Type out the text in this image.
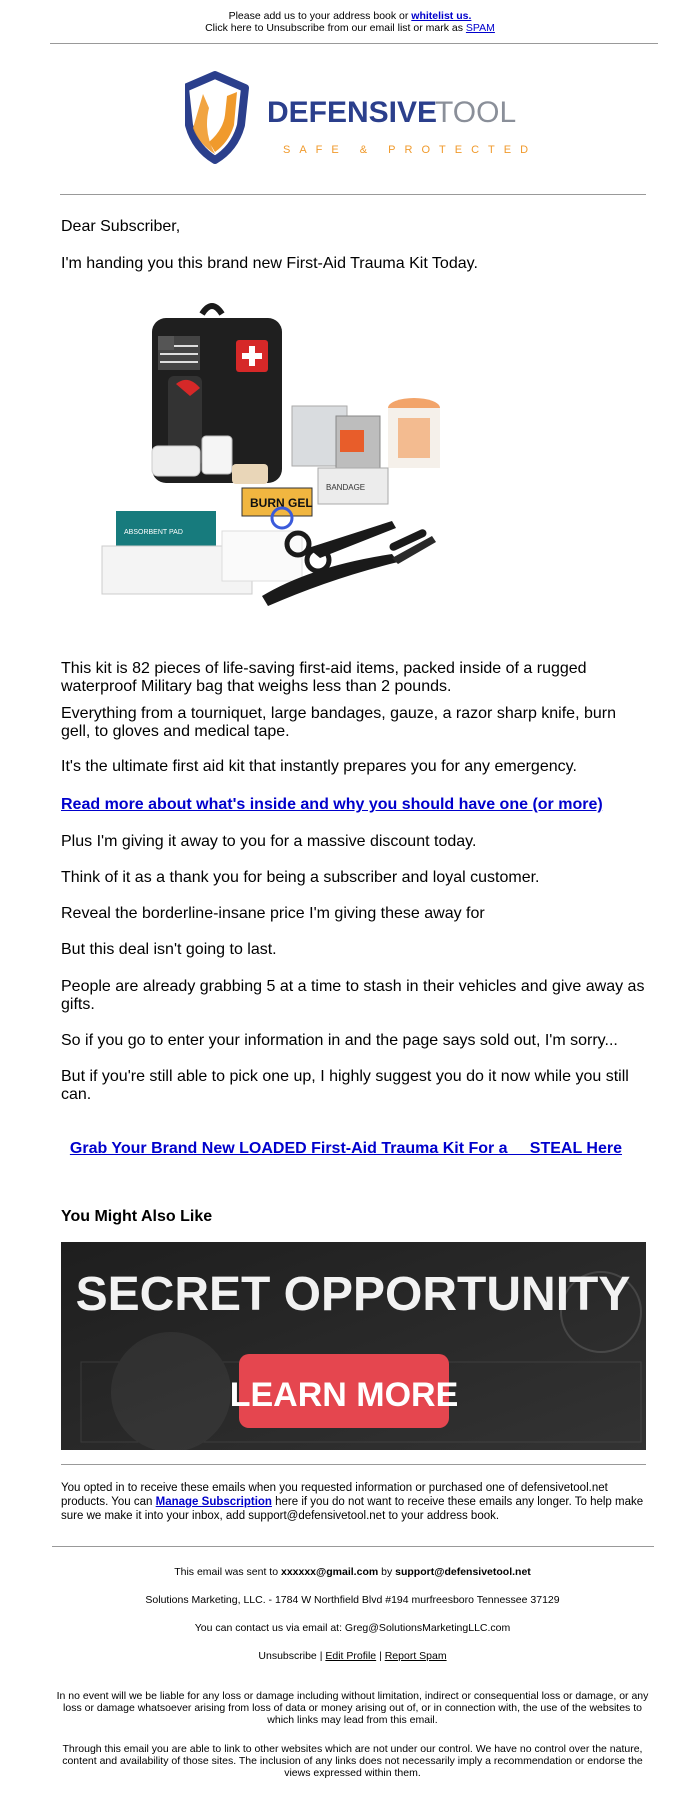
Please add us to your address book or whitelist us.
Click here to Unsubscribe from our email list or mark as SPAM
DEFENSIVE
TOOL
SAFE & PROTECTED
Dear Subscriber,
I'm handing you this brand new First-Aid Trauma Kit Today.
BURN GEL
BANDAGE
ABSORBENT PAD
This kit is 82 pieces of life-saving first-aid items, packed inside of a rugged waterproof Military bag that weighs less than 2 pounds.
Everything from a tourniquet, large bandages, gauze, a razor sharp knife, burn gell, to gloves and medical tape.
It's the ultimate first aid kit that instantly prepares you for any emergency.
Read more about what's inside and why you should have one (or more)
Plus I'm giving it away to you for a massive discount today.
Think of it as a thank you for being a subscriber and loyal customer.
Reveal the borderline-insane price I'm giving these away for
But this deal isn't going to last.
People are already grabbing 5 at a time to stash in their vehicles and give away as gifts.
So if you go to enter your information in and the page says sold out, I'm sorry...
But if you're still able to pick one up, I highly suggest you do it now while you still can.

Grab Your Brand New LOADED First-Aid Trauma Kit For a     STEAL Here

You Might Also Like
SECRET OPPORTUNITY
LEARN MORE
You opted in to receive these emails when you requested information or purchased one of defensivetool.net products. You can Manage Subscription here if you do not want to receive these emails any longer. To help make sure we make it into your inbox, add support@defensivetool.net to your address book.
This email was sent to xxxxxx@gmail.com by support@defensivetool.net
Solutions Marketing, LLC. - 1784 W Northfield Blvd #194 murfreesboro Tennessee 37129
You can contact us via email at: Greg@SolutionsMarketingLLC.com
Unsubscribe | Edit Profile | Report Spam
In no event will we be liable for any loss or damage including without limitation, indirect or consequential loss or damage, or any loss or damage whatsoever arising from loss of data or money arising out of, or in connection with, the use of the websites to which links may lead from this email.
Through this email you are able to link to other websites which are not under our control. We have no control over the nature, content and availability of those sites. The inclusion of any links does not necessarily imply a recommendation or endorse the views expressed within them.
